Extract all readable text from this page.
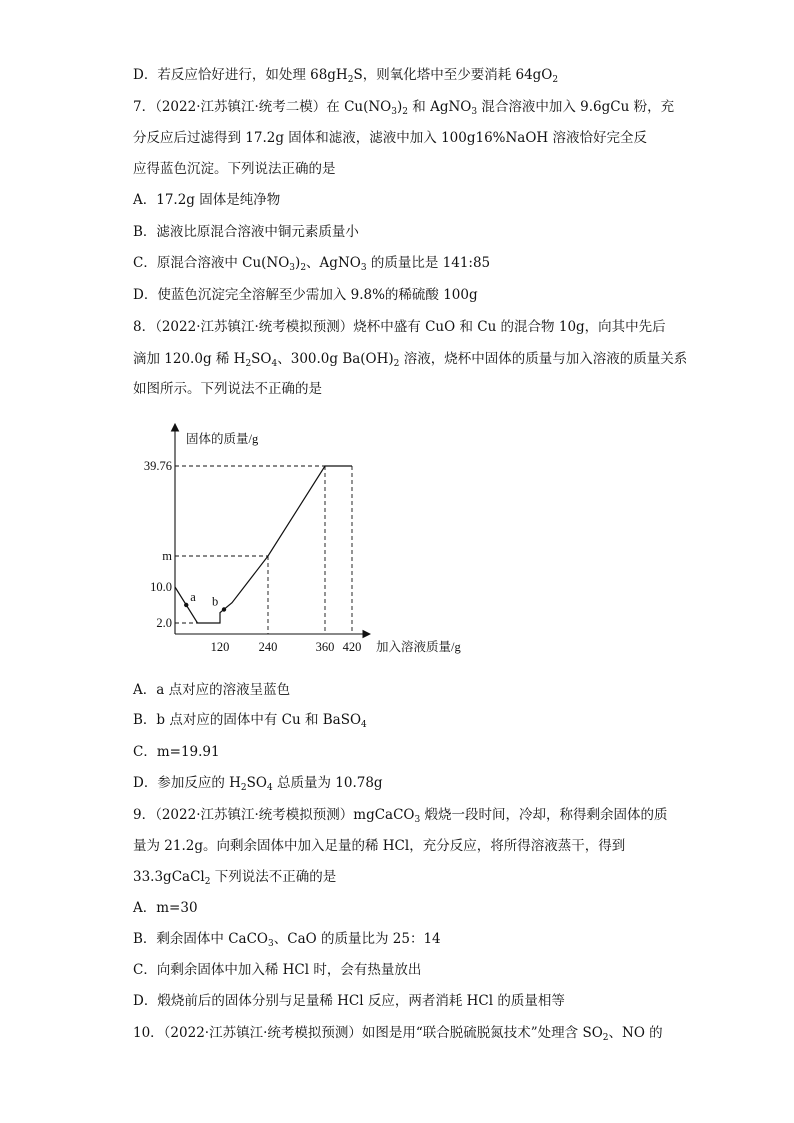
D．若反应恰好进行，如处理 $68gH_2S$，则氧化塔中至少要消耗 $64gO_2$
7．（2022·江苏镇江·统考二模）在 $Cu(NO_3)_2$ 和 AgNO$_3$ 混合溶液中加入 9.6gCu 粉，充
分反应后过滤得到 17.2g 固体和滤液，滤液中加入 100g16%NaOH 溶液恰好完全反
应得蓝色沉淀。下列说法正确的是
A．17.2g 固体是纯净物
B．滤液比原混合溶液中铜元素质量小
C．原混合溶液中 $Cu(NO_3)_2$、AgNO$_3$ 的质量比是 141:85
D．使蓝色沉淀完全溶解至少需加入 9.8%的稀硫酸 100g
8．（2022·江苏镇江·统考模拟预测）烧杯中盛有 CuO 和 Cu 的混合物 10g，向其中先后
滴加 120.0g 稀 $H_2SO_4$、300.0g $Ba(OH)_2$ 溶液，烧杯中固体的质量与加入溶液的质量关系
如图所示。下列说法不正确的是
固体的质量/g
加入溶液质量/g
2.0
10.0
m
39.76
120 240	360 420
a b
A．a 点对应的溶液呈蓝色
B．b 点对应的固体中有 Cu 和 BaSO$_4$
C．m=19.91
D．参加反应的 $H_2SO_4$ 总质量为 10.78g
9．（2022·江苏镇江·统考模拟预测）mgCaCO$_3$ 煅烧一段时间，冷却，称得剩余固体的质
量为 21.2g。向剩余固体中加入足量的稀 HCl，充分反应，将所得溶液蒸干，得到
33.3gCaCl$_2$ 下列说法不正确的是
A．m=30
B．剩余固体中 CaCO$_3$、CaO 的质量比为 25：14
C．向剩余固体中加入稀 HCl 时，会有热量放出
D．煅烧前后的固体分别与足量稀 HCl 反应，两者消耗 HCl 的质量相等
10．（2022·江苏镇江·统考模拟预测）如图是用“联合脱硫脱氮技术”处理含 $SO_2$、NO 的
